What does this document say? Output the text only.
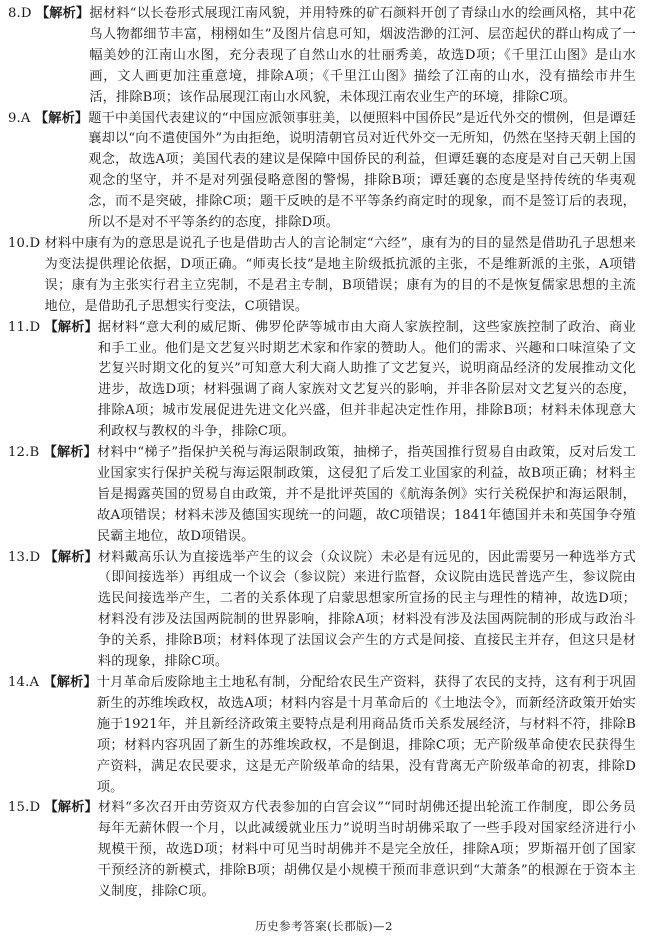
8.D 【解析】 据材料“以长卷形式展现江南风貌，并用特殊的矿石颜料开创了青绿山水的绘画风格，其中花鸟人物都细节丰富，栩栩如生”及图片信息可知，烟波浩渺的江河、层峦起伏的群山构成了一幅美妙的江南山水图，充分表现了自然山水的壮丽秀美，故选D项；《千里江山图》是山水画，文人画更加注重意境，排除A项；《千里江山图》描绘了江南的山水，没有描绘市井生活，排除B项；该作品展现江南山水风貌，未体现江南农业生产的环境，排除C项。
9.A 【解析】 题干中美国代表建议的“中国应派领事驻美，以便照料中国侨民”是近代外交的惯例，但是谭廷襄却以“向不遣使国外”为由拒绝，说明清朝官员对近代外交一无所知，仍然在坚持天朝上国的观念，故选A项；美国代表的建议是保障中国侨民的利益，但谭廷襄的态度是对自己天朝上国观念的坚守，并不是对列强侵略意图的警惕，排除B项；谭廷襄的态度是坚持传统的华夷观念，而不是突破，排除C项；题干反映的是不平等条约商定时的现象，而不是签订后的表现，所以不是对不平等条约的态度，排除D项。
10.D 材料中康有为的意思是说孔子也是借助古人的言论制定“六经”，康有为的目的显然是借助孔子思想来为变法提供理论依据，D项正确。“师夷长技”是地主阶级抵抗派的主张，不是维新派的主张，A项错误；康有为主张实行君主立宪制，不是君主专制，B项错误；康有为的目的不是恢复儒家思想的主流地位，是借助孔子思想实行变法，C项错误。
11.D 【解析】 据材料“意大利的威尼斯、佛罗伦萨等城市由大商人家族控制，这些家族控制了政治、商业和手工业。他们是文艺复兴时期艺术家和作家的赞助人。他们的需求、兴趣和口味渲染了文艺复兴时期文化的复兴”可知意大利大商人助推了文艺复兴，说明商品经济的发展推动文化进步，故选D项；材料强调了商人家族对文艺复兴的影响，并非各阶层对文艺复兴的态度，排除A项；城市发展促进先进文化兴盛，但并非起决定性作用，排除B项；材料未体现意大利政权与教权的斗争，排除C项。
12.B 【解析】 材料中“梯子”指保护关税与海运限制政策，抽梯子，指英国推行贸易自由政策，反对后发工业国家实行保护关税与海运限制政策，这侵犯了后发工业国家的利益，故B项正确；材料主旨是揭露英国的贸易自由政策，并不是批评英国的《航海条例》实行关税保护和海运限制，故A项错误；材料未涉及德国实现统一的问题，故C项错误；1841年德国并未和英国争夺殖民霸主地位，故D项错误。
13.D 【解析】 材料戴高乐认为直接选举产生的议会（众议院）未必是有远见的，因此需要另一种选举方式（即间接选举）再组成一个议会（参议院）来进行监督，众议院由选民普选产生，参议院由选民间接选举产生，二者的关系体现了启蒙思想家所宣扬的民主与理性的精神，故选D项；材料没有涉及法国两院制的世界影响，排除A项；材料没有涉及法国两院制的形成与政治斗争的关系，排除B项；材料体现了法国议会产生的方式是间接、直接民主并存，但这只是材料的现象，排除C项。
14.A 【解析】 十月革命后废除地主土地私有制，分配给农民生产资料，获得了农民的支持，这有利于巩固新生的苏维埃政权，故选A项；材料内容是十月革命后的《土地法令》，而新经济政策开始实施于1921年，并且新经济政策主要特点是利用商品货币关系发展经济，与材料不符，排除B项；材料内容巩固了新生的苏维埃政权，不是倒退，排除C项；无产阶级革命使农民获得生产资料，满足农民要求，这是无产阶级革命的结果，没有背离无产阶级革命的初衷，排除D项。
15.D 【解析】 材料“多次召开由劳资双方代表参加的白宫会议”“同时胡佛还提出轮流工作制度，即公务员每年无薪休假一个月，以此减缓就业压力”说明当时胡佛采取了一些手段对国家经济进行小规模干预，故选D项；材料中可见当时胡佛并不是完全放任，排除A项；罗斯福开创了国家干预经济的新模式，排除B项；胡佛仅是小规模干预而非意识到“大萧条”的根源在于资本主义制度，排除C项。
历史参考答案(长郡版)—2
